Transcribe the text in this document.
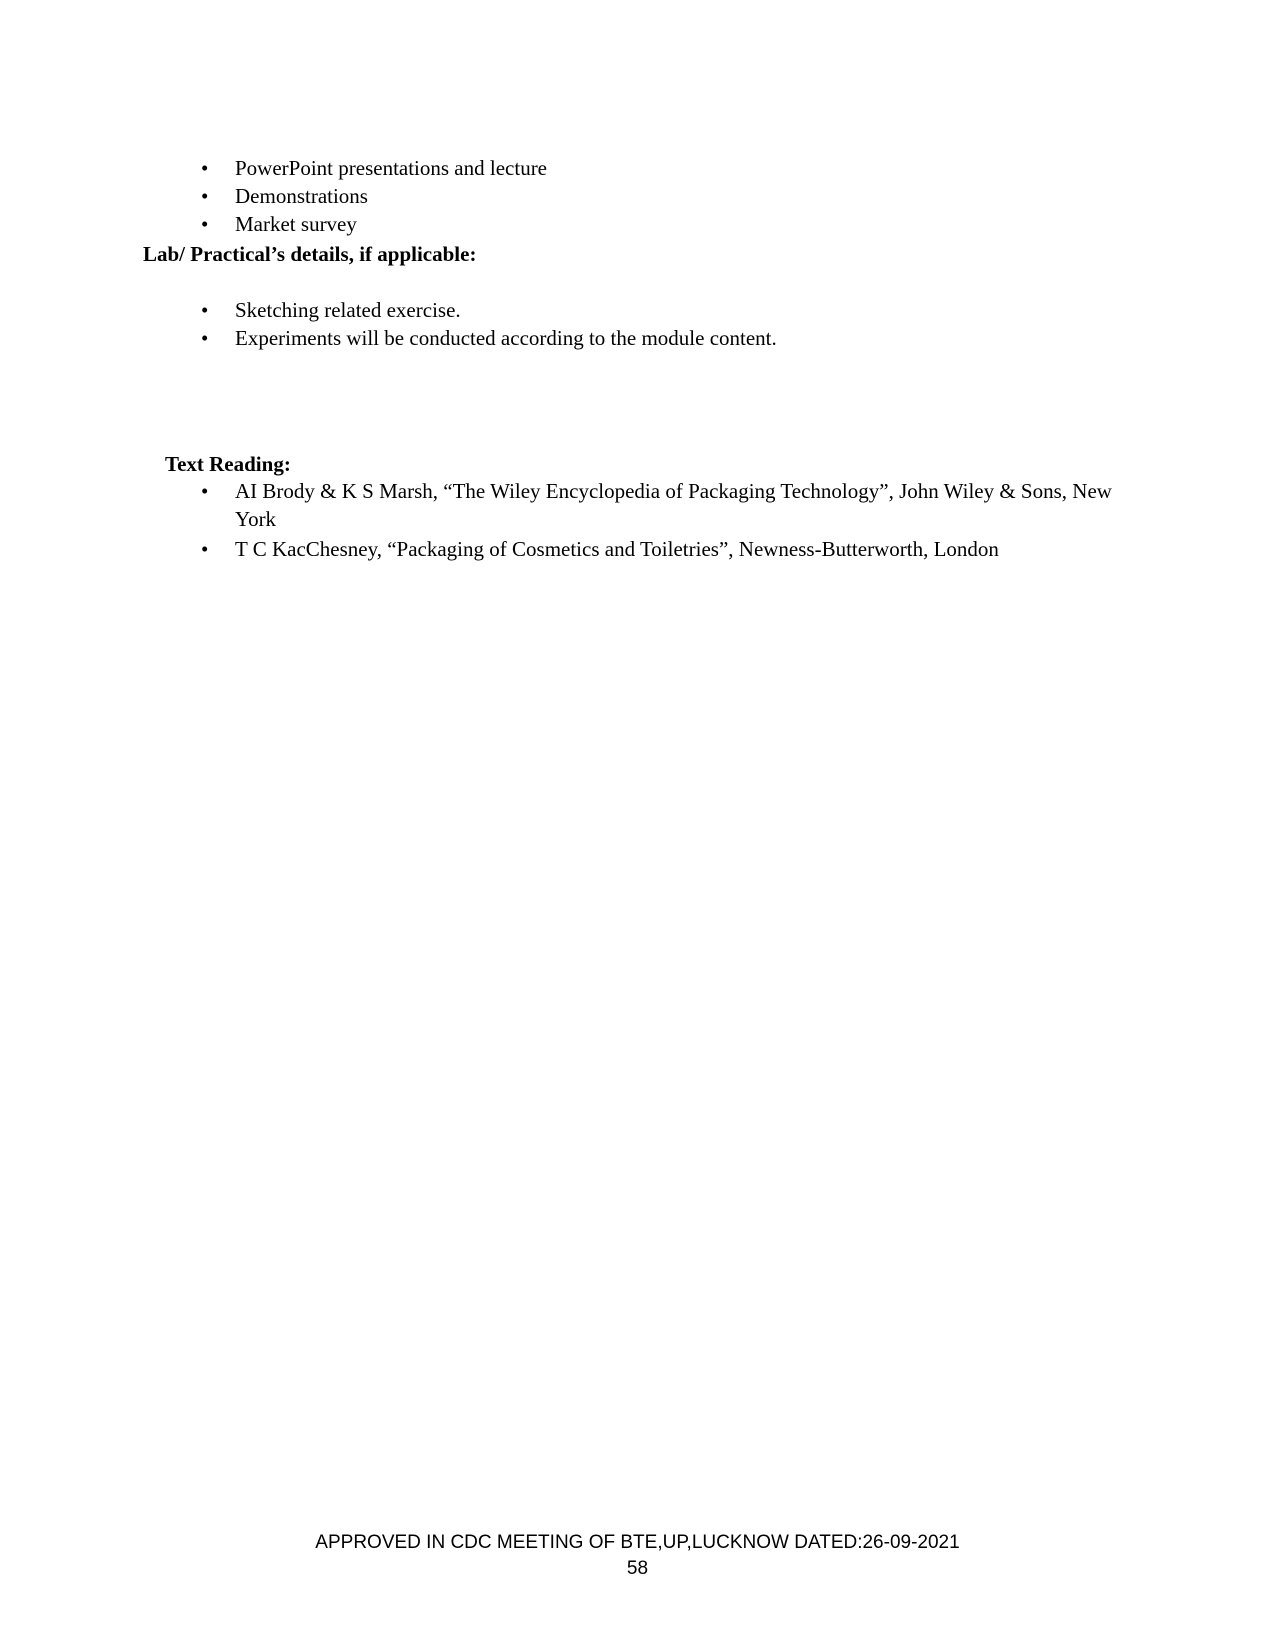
•	PowerPoint presentations and lecture
•	Demonstrations
•	Market survey
Lab/ Practical’s details, if applicable:
•	Sketching related exercise.
•	Experiments will be conducted according to the module content.
Text Reading:
•	AI Brody & K S Marsh, “The Wiley Encyclopedia of Packaging Technology”, John Wiley & Sons, New York
•	T C KacChesney, “Packaging of Cosmetics and Toiletries”, Newness-Butterworth, London
APPROVED IN CDC MEETING OF BTE,UP,LUCKNOW DATED:26-09-2021
58
